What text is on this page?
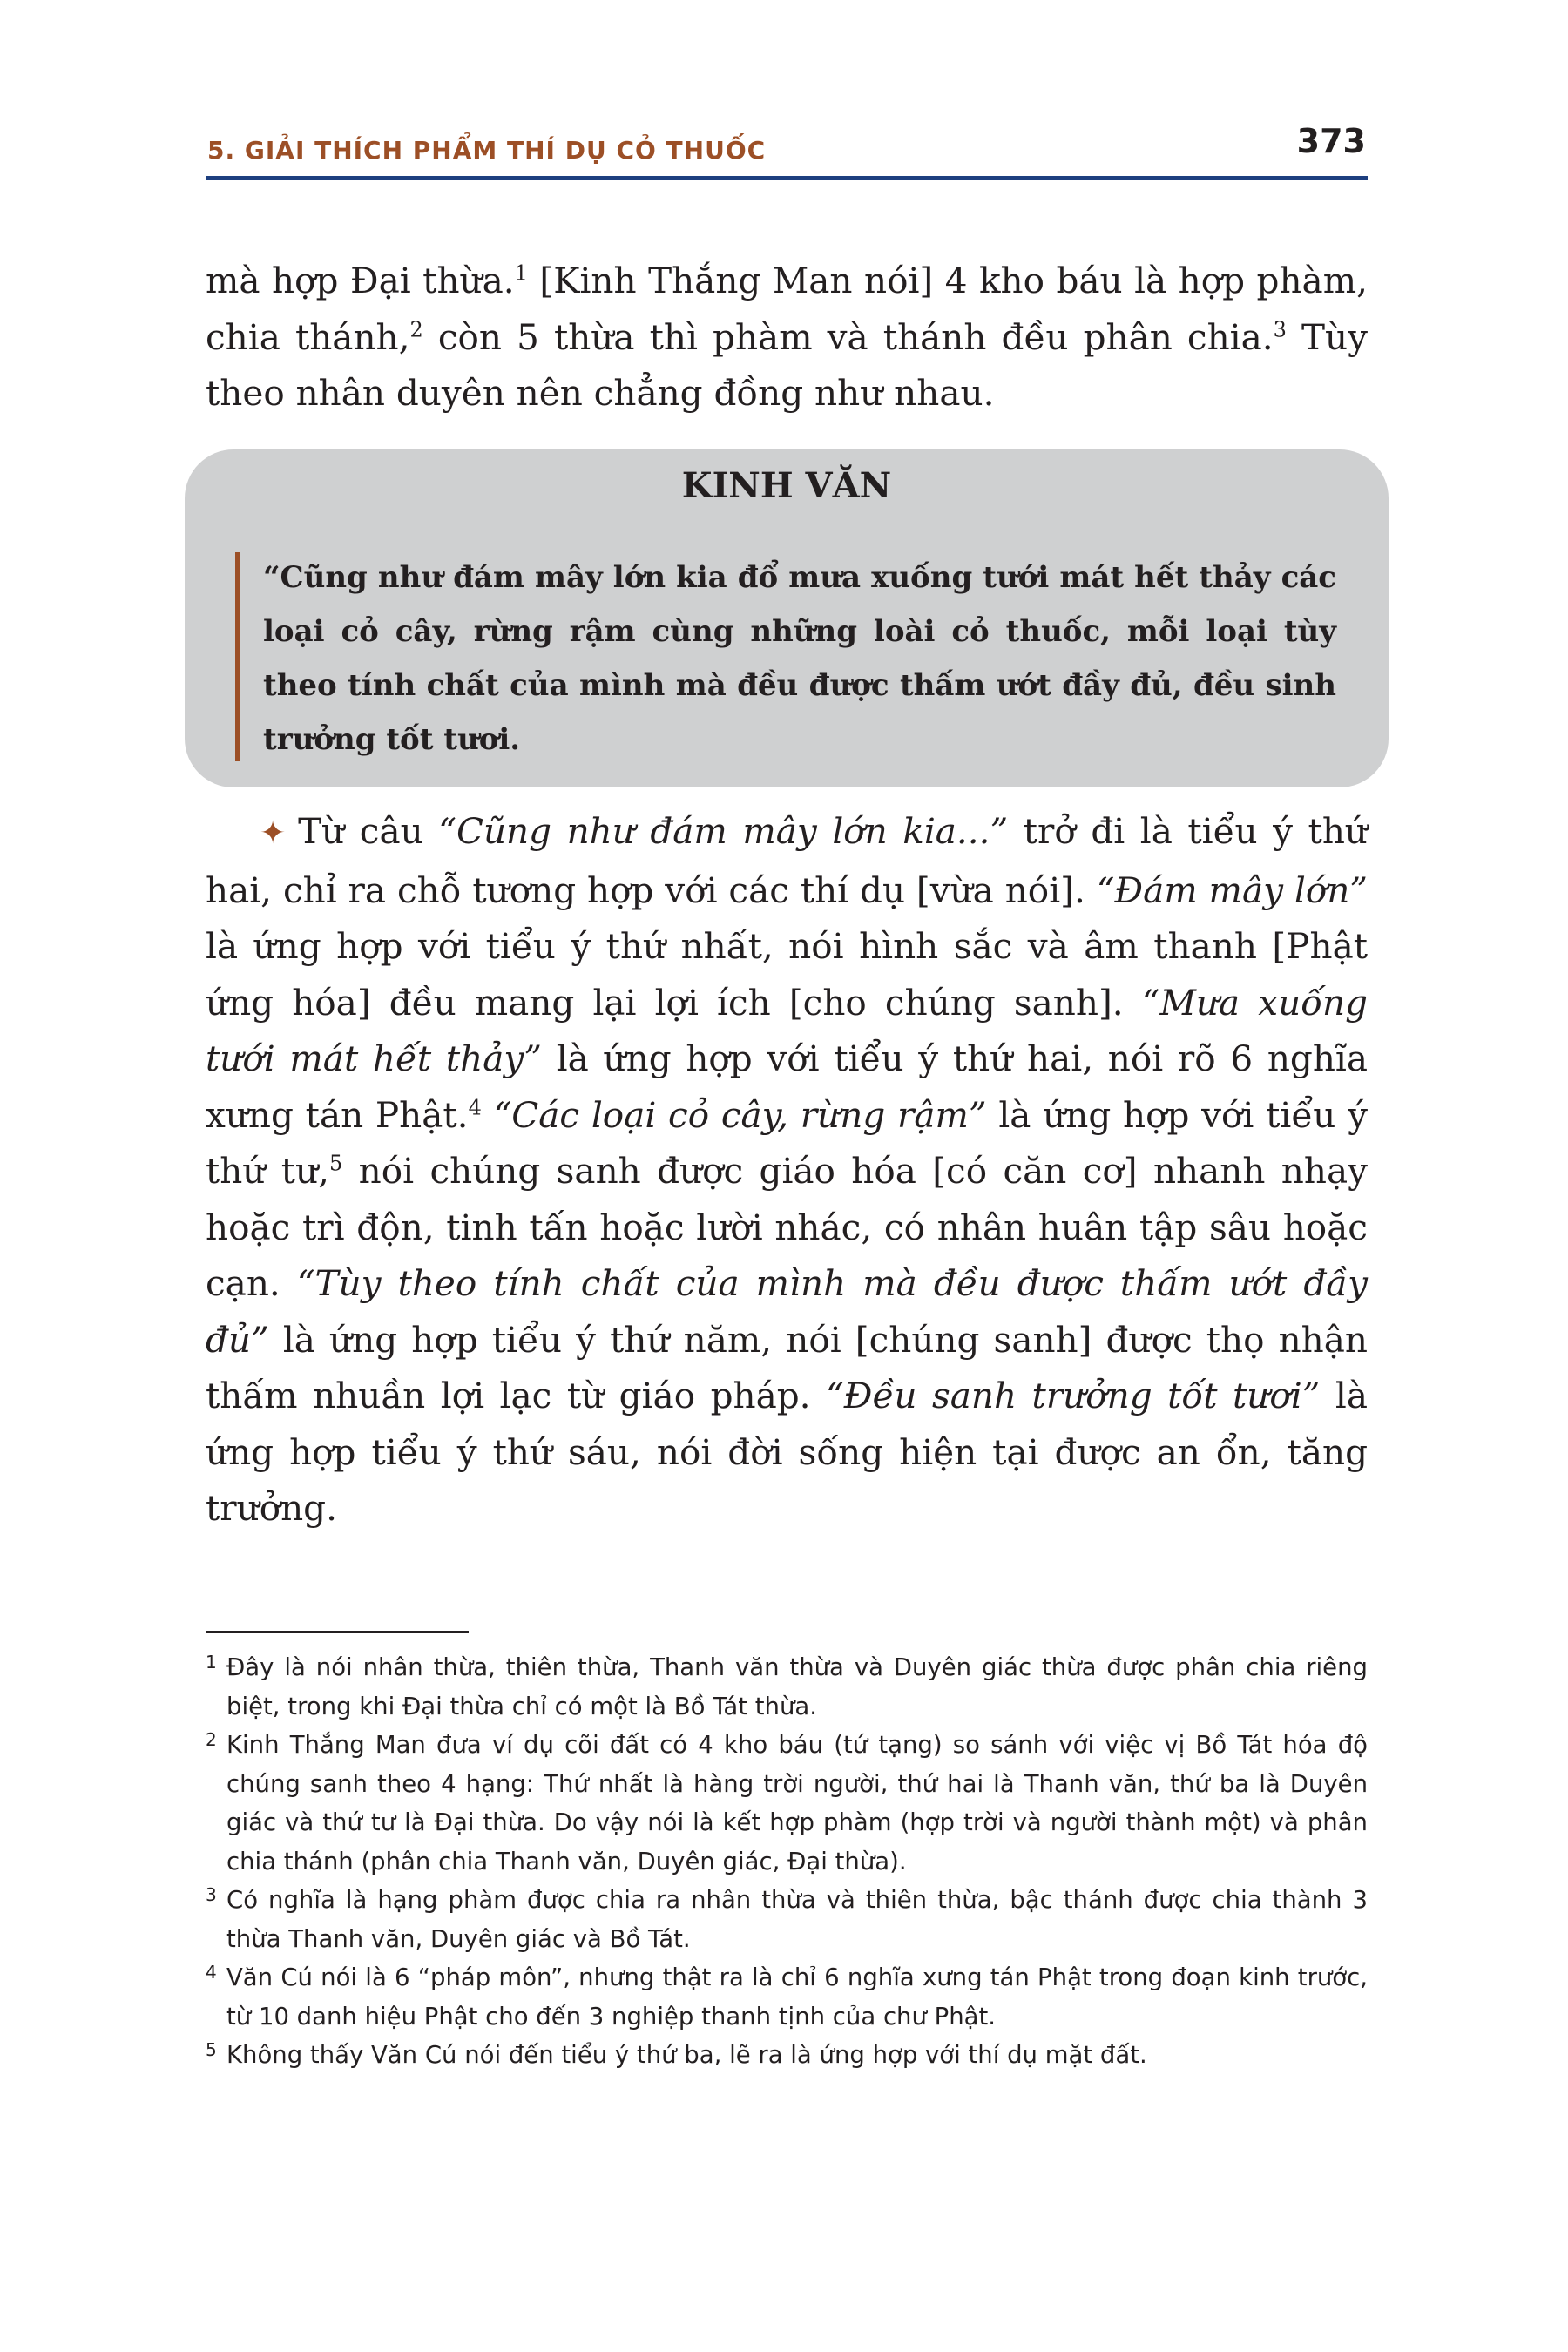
5. GIẢI THÍCH PHẨM THÍ DỤ CỎ THUỐC	373

mà hợp Đại thừa.$^1$ [Kinh Thắng Man nói] 4 kho báu là hợp phàm, chia thánh,$^2$ còn 5 thừa thì phàm và thánh đều phân chia.$^3$ Tùy theo nhân duyên nên chẳng đồng như nhau.

KINH VĂN

“Cũng như đám mây lớn kia đổ mưa xuống tưới mát hết thảy các loại cỏ cây, rừng rậm cùng những loài cỏ thuốc, mỗi loại tùy theo tính chất của mình mà đều được thấm ướt đầy đủ, đều sinh trưởng tốt tươi.

✦ Từ câu “Cũng như đám mây lớn kia...” trở đi là tiểu ý thứ hai, chỉ ra chỗ tương hợp với các thí dụ [vừa nói]. “Đám mây lớn” là ứng hợp với tiểu ý thứ nhất, nói hình sắc và âm thanh [Phật ứng hóa] đều mang lại lợi ích [cho chúng sanh]. “Mưa xuống tưới mát hết thảy” là ứng hợp với tiểu ý thứ hai, nói rõ 6 nghĩa xưng tán Phật.$^4$ “Các loại cỏ cây, rừng rậm” là ứng hợp với tiểu ý thứ tư,$^5$ nói chúng sanh được giáo hóa [có căn cơ] nhanh nhạy hoặc trì độn, tinh tấn hoặc lười nhác, có nhân huân tập sâu hoặc cạn. “Tùy theo tính chất của mình mà đều được thấm ướt đầy đủ” là ứng hợp tiểu ý thứ năm, nói [chúng sanh] được thọ nhận thấm nhuần lợi lạc từ giáo pháp. “Đều sanh trưởng tốt tươi” là ứng hợp tiểu ý thứ sáu, nói đời sống hiện tại được an ổn, tăng trưởng.

1 Đây là nói nhân thừa, thiên thừa, Thanh văn thừa và Duyên giác thừa được phân chia riêng biệt, trong khi Đại thừa chỉ có một là Bồ Tát thừa.

2 Kinh Thắng Man đưa ví dụ cõi đất có 4 kho báu (tứ tạng) so sánh với việc vị Bồ Tát hóa độ chúng sanh theo 4 hạng: Thứ nhất là hàng trời người, thứ hai là Thanh văn, thứ ba là Duyên giác và thứ tư là Đại thừa. Do vậy nói là kết hợp phàm (hợp trời và người thành một) và phân chia thánh (phân chia Thanh văn, Duyên giác, Đại thừa).

3 Có nghĩa là hạng phàm được chia ra nhân thừa và thiên thừa, bậc thánh được chia thành 3 thừa Thanh văn, Duyên giác và Bồ Tát.

4 Văn Cú nói là 6 “pháp môn”, nhưng thật ra là chỉ 6 nghĩa xưng tán Phật trong đoạn kinh trước, từ 10 danh hiệu Phật cho đến 3 nghiệp thanh tịnh của chư Phật.

5 Không thấy Văn Cú nói đến tiểu ý thứ ba, lẽ ra là ứng hợp với thí dụ mặt đất.
